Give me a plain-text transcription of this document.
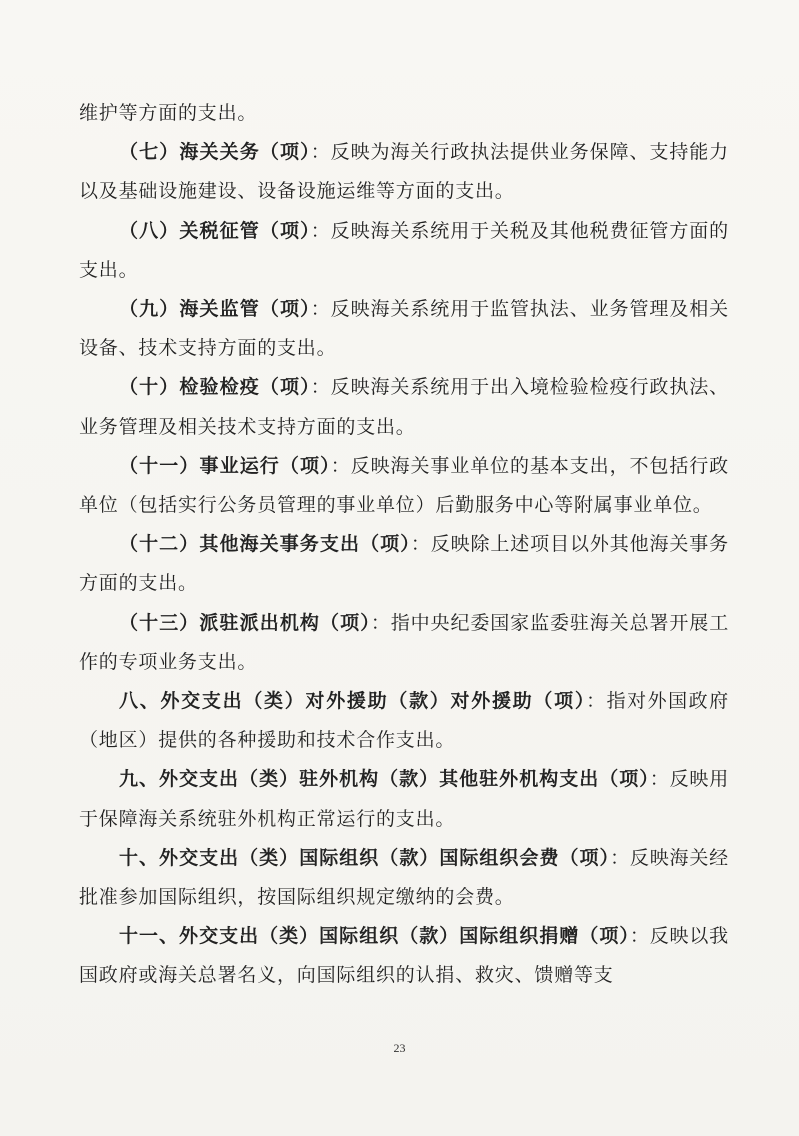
维护等方面的支出。

（七）海关关务（项）：反映为海关行政执法提供业务保障、支持能力以及基础设施建设、设备设施运维等方面的支出。

（八）关税征管（项）：反映海关系统用于关税及其他税费征管方面的支出。

（九）海关监管（项）：反映海关系统用于监管执法、业务管理及相关设备、技术支持方面的支出。

（十）检验检疫（项）：反映海关系统用于出入境检验检疫行政执法、业务管理及相关技术支持方面的支出。

（十一）事业运行（项）：反映海关事业单位的基本支出，不包括行政单位（包括实行公务员管理的事业单位）后勤服务中心等附属事业单位。

（十二）其他海关事务支出（项）：反映除上述项目以外其他海关事务方面的支出。

（十三）派驻派出机构（项）：指中央纪委国家监委驻海关总署开展工作的专项业务支出。

八、外交支出（类）对外援助（款）对外援助（项）：指对外国政府（地区）提供的各种援助和技术合作支出。

九、外交支出（类）驻外机构（款）其他驻外机构支出（项）：反映用于保障海关系统驻外机构正常运行的支出。

十、外交支出（类）国际组织（款）国际组织会费（项）：反映海关经批准参加国际组织，按国际组织规定缴纳的会费。

十一、外交支出（类）国际组织（款）国际组织捐赠（项）：反映以我国政府或海关总署名义，向国际组织的认捐、救灾、馈赠等支

23
